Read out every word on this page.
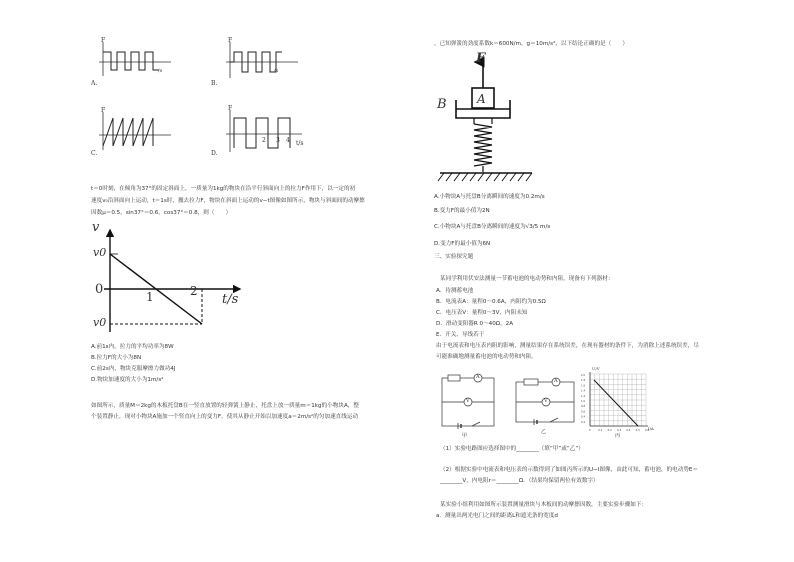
F
A.
/s
F
B.
/s
F
C.
F
2 3 4
D.
t/s
t＝0时刻，在倾角为37°的固定斜面上，一质量为1kg的物块在沿平行斜面向上的拉力F作用下，以一定的初
速度v₀沿斜面向上运动，t＝1s时，撤去拉力F，物块在斜面上运动的v−t图像如图所示，物块与斜面间的动摩擦
因数μ＝0.5，sin37°＝0.6，cos37°＝0.8，则（　　）
v
v0
0
v0
1	2
t/s
A.前1s内，拉力的平均功率为8W
B.拉力F的大小为8N
C.前2s内，物块克服摩擦力做功4J
D.物块加速度的大小为1m/s²
如图所示，质量M＝2kg的木板托盘B在一竖直放置的轻弹簧上静止，托盘上放一质量m＝1kg的小物块A，整
个装置静止，现对小物块A施加一个竖直向上的变力F，使其从静止开始以加速度a＝2m/s²的匀加速直线运动
，已知弹簧的劲度系数k＝600N/m，g＝10m/s²，以下结论正确的是（　　）
F
A
B
A.小物块A与托盘B分离瞬间的速度为0.2m/s
B.变力F的最小值为2N
C.小物块A与托盘B分离瞬间的速度为√3/5 m/s
D.变力F的最小值为6N
三、实验探究题
某同学利用伏安法测量一节蓄电池的电动势和内阻，现备有下列器材：
A．待测蓄电池
B．电流表A：量程0～0.6A，内阻约为0.5Ω
C．电压表V：量程0～3V，内阻未知
D．滑动变阻器R 0～40Ω，2A
E．开关、导线若干
由于电流表和电压表内阻的影响，测量结果存在系统误差，在现有器材的条件下，为消除上述系统误差，尽
可能准确地测量蓄电池的电动势和内阻。
A
V
甲
A
V
乙
2.0
1.8
1.6
1.4
1.2
1.0
0.8
0.6
0.4
0.2
0	0.1 0.2 0.3 0.4 0.5 0.6
U/V
I/A
丙
（1）实验电路图应选择图中的________（填“甲”或“乙”）
（2）根据实验中电流表和电压表的示数得到了如图丙所示的U−I图像，由此可知，蓄电池，的电动势E＝
________V，内电阻r＝________Ω．（结果均保留两位有效数字）
某实验小组利用如图所示装置测量滑块与木板间的动摩擦因数，主要实验步骤如下：
a．测量出两光电门之间的距离L和遮光条的宽度d
